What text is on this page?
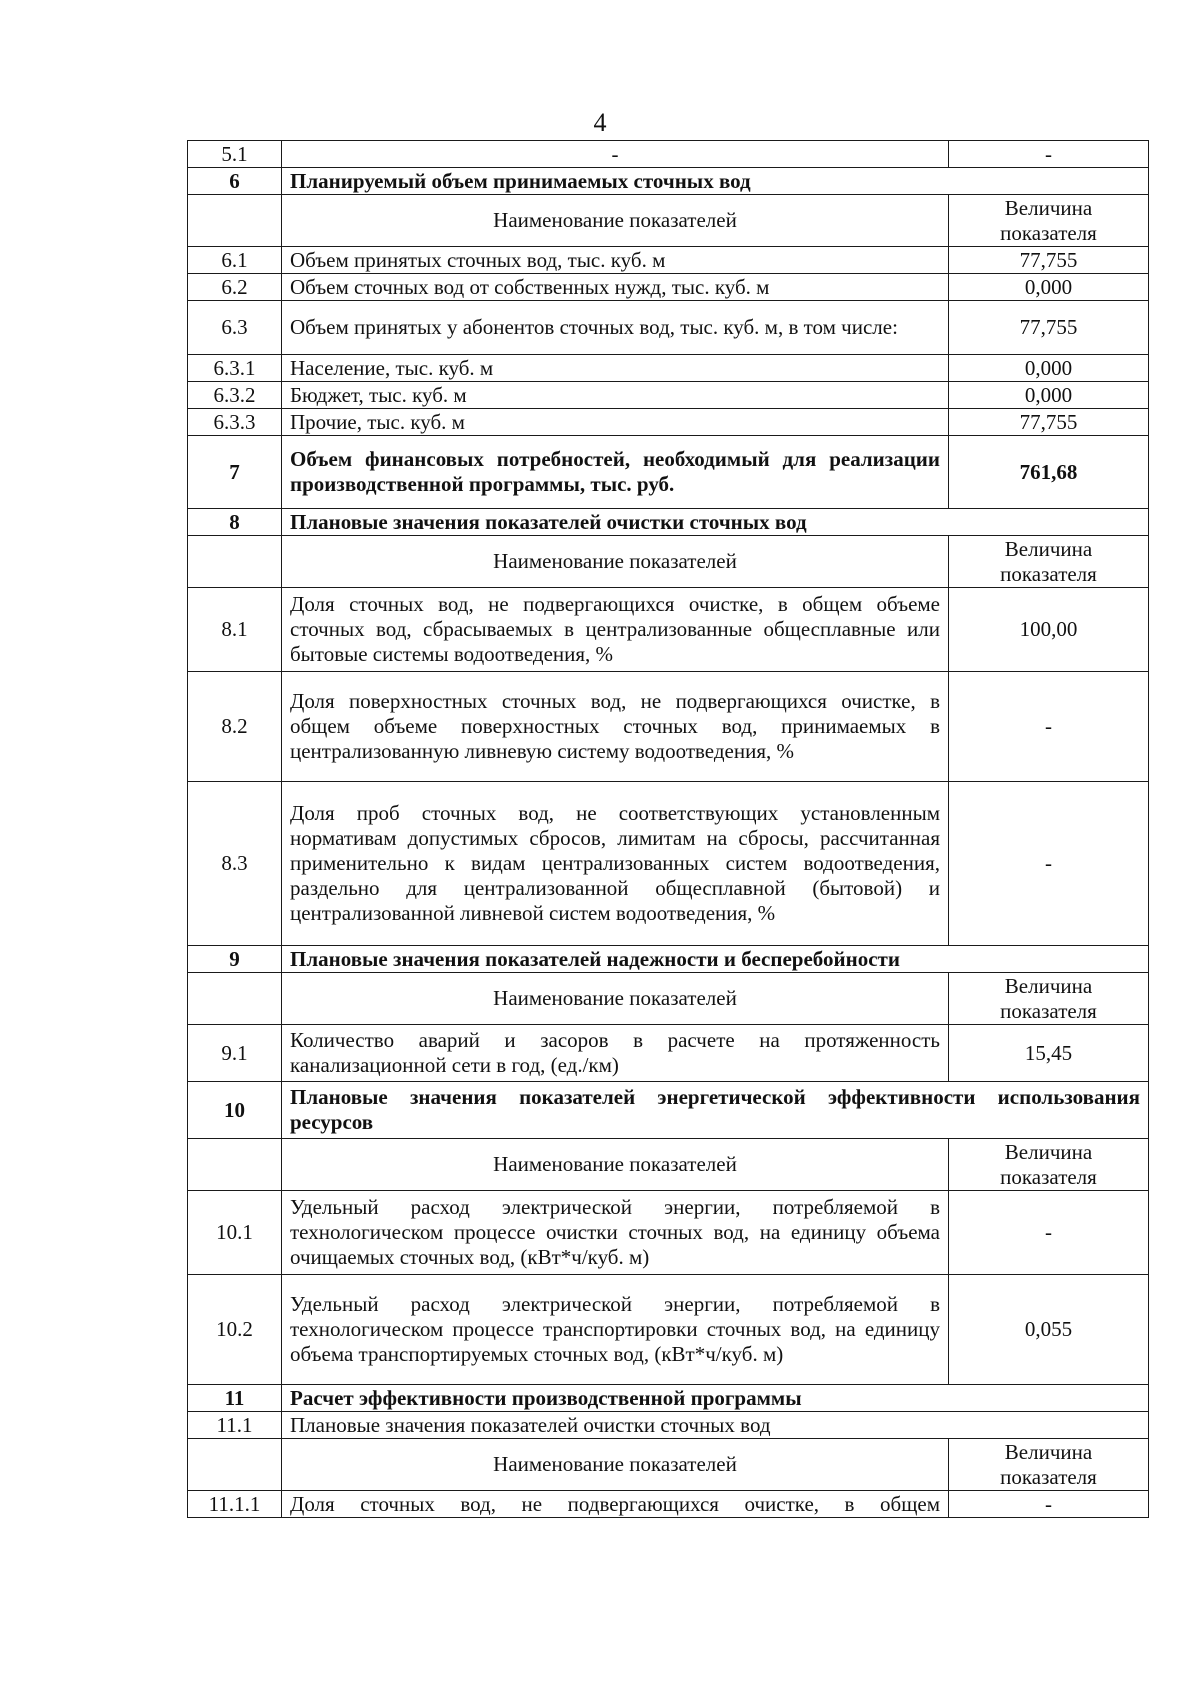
4
5.1	-	-
6	Планируемый объем принимаемых сточных вод	
	Наименование показателей	Величина показателя
6.1	Объем принятых сточных вод, тыс. куб. м	77,755
6.2	Объем сточных вод от собственных нужд, тыс. куб. м	0,000
6.3	Объем принятых у абонентов сточных вод, тыс. куб. м, в том числе:	77,755
6.3.1	Население, тыс. куб. м	0,000
6.3.2	Бюджет, тыс. куб. м	0,000
6.3.3	Прочие, тыс. куб. м	77,755
7	Объем финансовых потребностей, необходимый для реализации производственной программы, тыс. руб.	761,68
8	Плановые значения показателей очистки сточных вод	
	Наименование показателей	Величина показателя
8.1	Доля сточных вод, не подвергающихся очистке, в общем объеме сточных вод, сбрасываемых в централизованные общесплавные или бытовые системы водоотведения, %	100,00
8.2	Доля поверхностных сточных вод, не подвергающихся очистке, в общем объеме поверхностных сточных вод, принимаемых в централизованную ливневую систему водоотведения, %	-
8.3	Доля проб сточных вод, не соответствующих установленным нормативам допустимых сбросов, лимитам на сбросы, рассчитанная применительно к видам централизованных систем водоотведения, раздельно для централизованной общесплавной (бытовой) и централизованной ливневой систем водоотведения, %	-
9	Плановые значения показателей надежности и бесперебойности	
	Наименование показателей	Величина показателя
9.1	Количество аварий и засоров в расчете на протяженность канализационной сети в год, (ед./км)	15,45
10	Плановые значения показателей энергетической эффективности использования ресурсов	
	Наименование показателей	Величина показателя
10.1	Удельный расход электрической энергии, потребляемой в технологическом процессе очистки сточных вод, на единицу объема очищаемых сточных вод, (кВт*ч/куб. м)	-
10.2	Удельный расход электрической энергии, потребляемой в технологическом процессе транспортировки сточных вод, на единицу объема транспортируемых сточных вод, (кВт*ч/куб. м)	0,055
11	Расчет эффективности производственной программы	
11.1	Плановые значения показателей очистки сточных вод	
	Наименование показателей	Величина показателя
11.1.1	Доля сточных вод, не подвергающихся очистке, в общем	-
